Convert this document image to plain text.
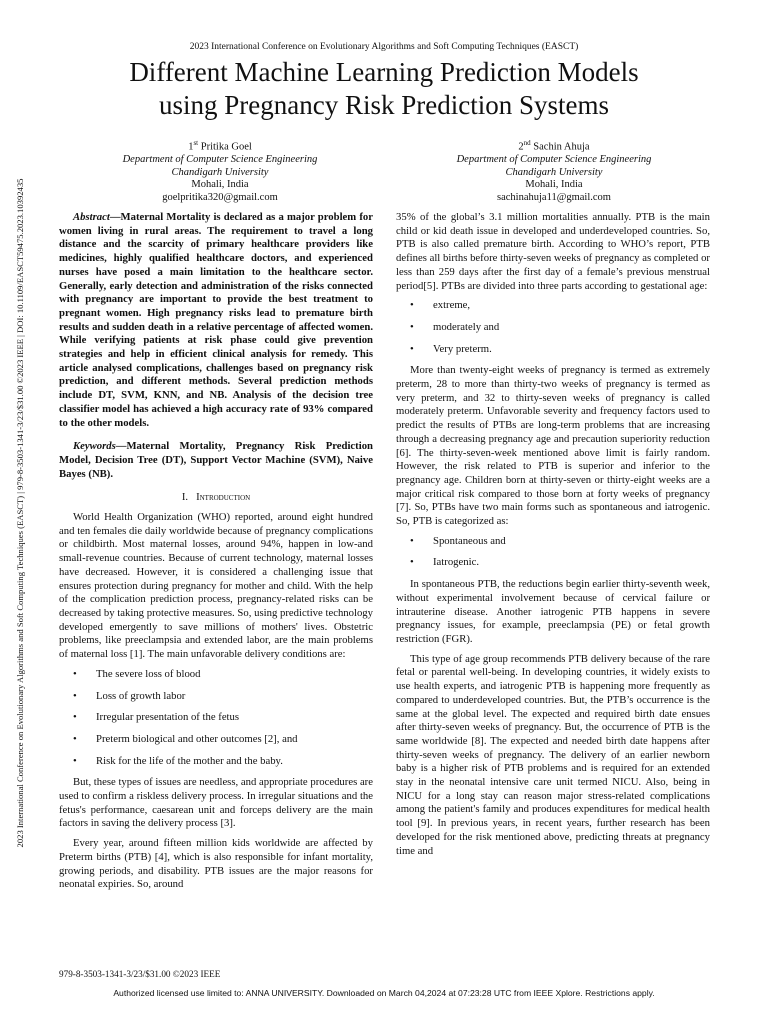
2023 International Conference on Evolutionary Algorithms and Soft Computing Techniques (EASCT)
Different Machine Learning Prediction Models
using Pregnancy Risk Prediction Systems
1st Pritika Goel
Department of Computer Science Engineering
Chandigarh University
Mohali, India
goelpritika320@gmail.com
2nd Sachin Ahuja
Department of Computer Science Engineering
Chandigarh University
Mohali, India
sachinahuja11@gmail.com
2023 International Conference on Evolutionary Algorithms and Soft Computing Techniques (EASCT) | 979-8-3503-1341-3/23/$31.00 ©2023 IEEE | DOI: 10.1109/EASCT59475.2023.10392435	Abstract—Maternal Mortality is declared as a major problem for women living in rural areas. The requirement to travel a long distance and the scarcity of primary healthcare providers like medicines, highly qualified healthcare doctors, and experienced nurses have posed a main limitation to the healthcare sector. Generally, early detection and administration of the risks connected with pregnancy are important to provide the best treatment to pregnant women. High pregnancy risks lead to premature birth results and sudden death in a relative percentage of affected women. While verifying patients at risk phase could give prevention strategies and help in efficient clinical analysis for remedy. This article analysed complications, challenges based on pregnancy risk prediction, and different methods. Several prediction methods include DT, SVM, KNN, and NB. Analysis of the decision tree classifier model has achieved a high accuracy rate of 93% compared to the other models.

Keywords—Maternal Mortality, Pregnancy Risk Prediction Model, Decision Tree (DT), Support Vector Machine (SVM), Naive Bayes (NB).

I. Introduction

World Health Organization (WHO) reported, around eight hundred and ten females die daily worldwide because of pregnancy complications or childbirth. Most maternal losses, around 94%, happen in low-and small-revenue countries. Because of current technology, maternal losses have decreased. However, it is considered a challenging issue that ensures protection during pregnancy for mother and child. With the help of the complication prediction process, pregnancy-related risks can be decreased by taking protective measures. So, using predictive technology developed emergently to save millions of mothers' lives. Obstetric problems, like preeclampsia and extended labor, are the main problems of maternal loss [1]. The main unfavorable delivery conditions are:

• The severe loss of blood
• Loss of growth labor
• Irregular presentation of the fetus
• Preterm biological and other outcomes [2], and
• Risk for the life of the mother and the baby.

But, these types of issues are needless, and appropriate procedures are used to confirm a riskless delivery process. In irregular situations and the fetus's performance, caesarean unit and forceps delivery are the main factors in saving the delivery process [3].

Every year, around fifteen million kids worldwide are affected by Preterm births (PTB) [4], which is also responsible for infant mortality, growing periods, and disability. PTB issues are the major reasons for neonatal expiries. So, around

35% of the global’s 3.1 million mortalities annually. PTB is the main child or kid death issue in developed and underdeveloped countries. So, PTB is also called premature birth. According to WHO’s report, PTB defines all births before thirty-seven weeks of pregnancy as completed or less than 259 days after the first day of a female’s previous menstrual period[5]. PTBs are divided into three parts according to gestational age:

• extreme,
• moderately and
• Very preterm.

More than twenty-eight weeks of pregnancy is termed as extremely preterm, 28 to more than thirty-two weeks of pregnancy is termed as very preterm, and 32 to thirty-seven weeks of pregnancy is called moderately preterm. Unfavorable severity and frequency factors used to predict the results of PTBs are long-term problems that are increasing through a decreasing pregnancy age and precaution superiority reduction [6]. The thirty-seven-week mentioned above limit is fairly random. However, the risk related to PTB is superior and inferior to the pregnancy age. Children born at thirty-seven or thirty-eight weeks are a major critical risk compared to those born at forty weeks of pregnancy [7]. So, PTBs have two main forms such as spontaneous and iatrogenic. So, PTB is categorized as:

• Spontaneous and
• Iatrogenic.

In spontaneous PTB, the reductions begin earlier thirty-seventh week, without experimental involvement because of cervical failure or intrauterine disease. Another iatrogenic PTB happens in severe pregnancy issues, for example, preeclampsia (PE) or fetal growth restriction (FGR).

This type of age group recommends PTB delivery because of the rare fetal or parental well-being. In developing countries, it widely exists to use health experts, and iatrogenic PTB is happening more frequently as compared to underdeveloped countries. But, the PTB’s occurrence is the same at the global level. The expected and required birth date ensues after thirty-seven weeks of pregnancy. But, the occurrence of PTB is the same worldwide [8]. The expected and needed birth date happens after thirty-seven weeks of pregnancy. The delivery of an earlier newborn baby is a higher risk of PTB problems and is required for an extended stay in the neonatal intensive care unit termed NICU. Also, being in NICU for a long stay can reason major stress-related complications among the patient's family and produces expenditures for medical health tool [9]. In previous years, in recent years, further research has been developed for the risk mentioned above, predicting threats at pregnancy time and

979-8-3503-1341-3/23/$31.00 ©2023 IEEE
Authorized licensed use limited to: ANNA UNIVERSITY. Downloaded on March 04,2024 at 07:23:28 UTC from IEEE Xplore. Restrictions apply.
